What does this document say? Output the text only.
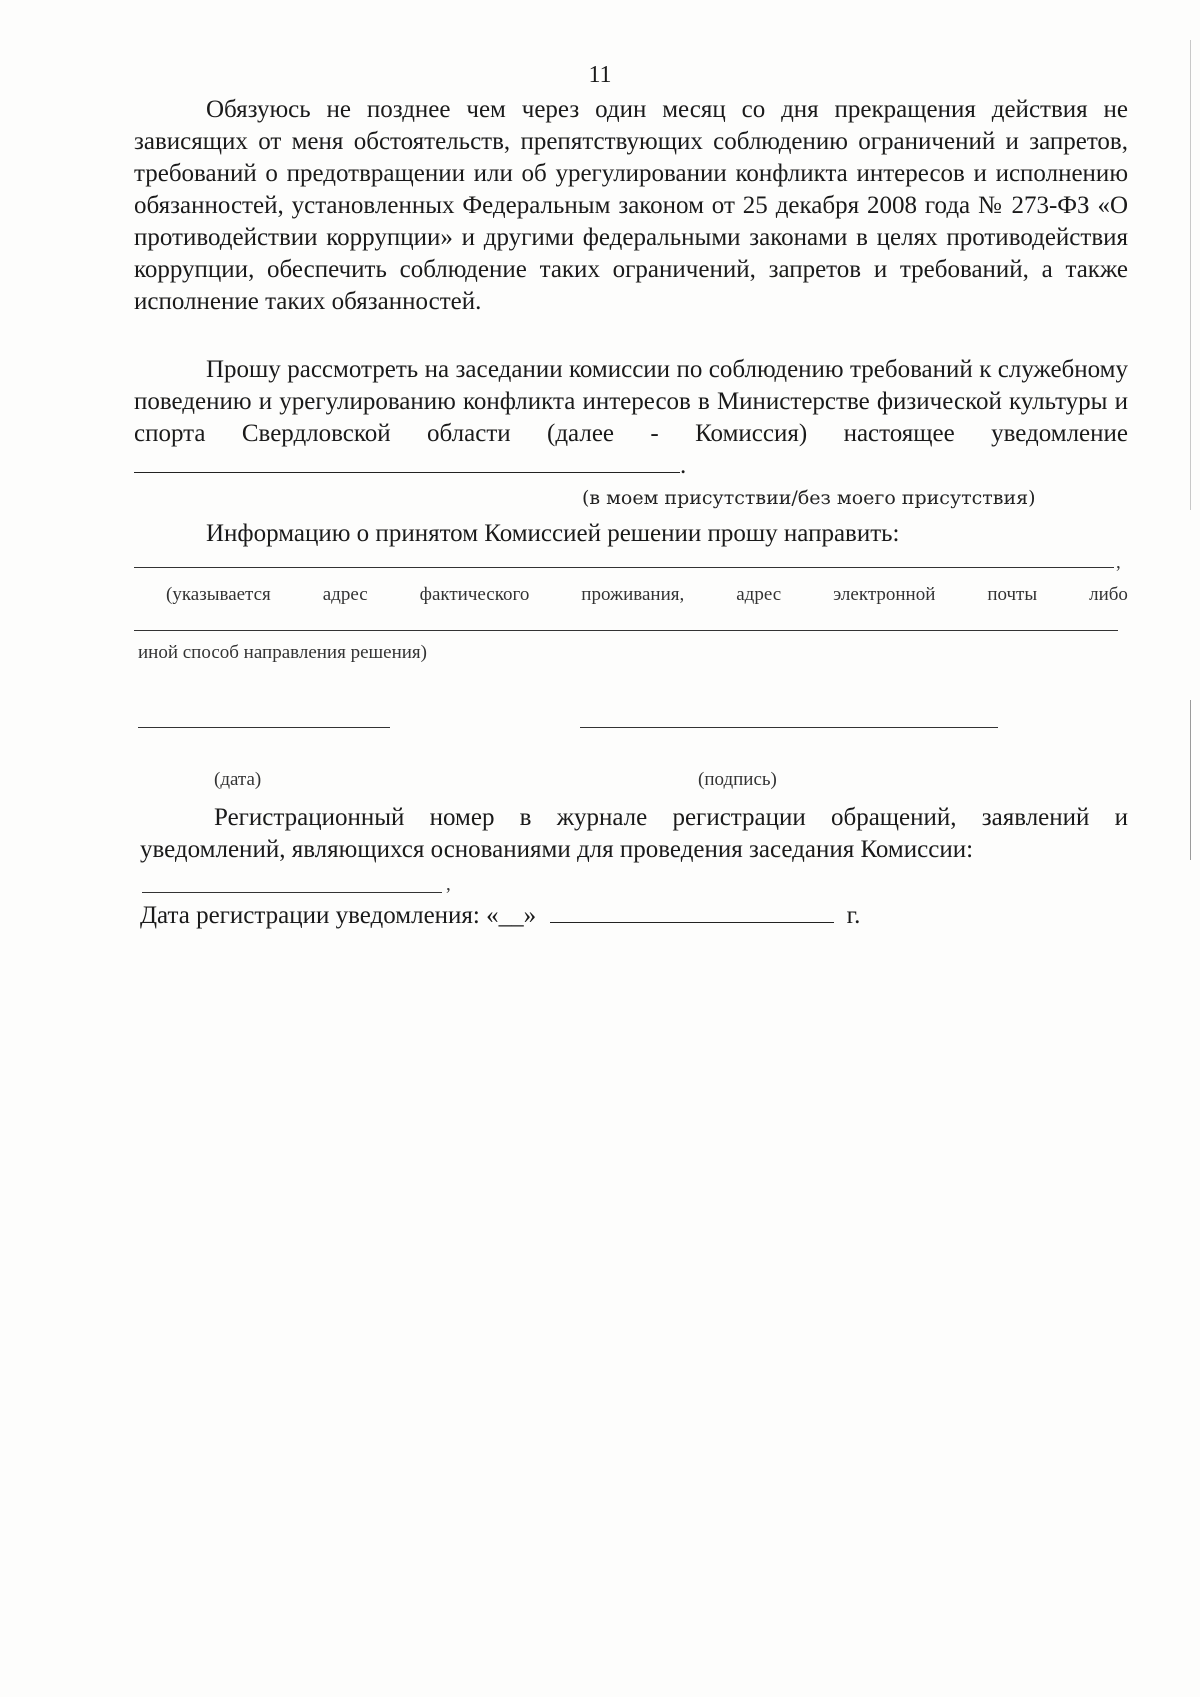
11

Обязуюсь не позднее чем через один месяц со дня прекращения действия не зависящих от меня обстоятельств, препятствующих соблюдению ограничений и запретов, требований о предотвращении или об урегулировании конфликта интересов и исполнению обязанностей, установленных Федеральным законом от 25 декабря 2008 года № 273-ФЗ «О противодействии коррупции» и другими федеральными законами в целях противодействия коррупции, обеспечить соблюдение таких ограничений, запретов и требований, а также исполнение таких обязанностей.

Прошу рассмотреть на заседании комиссии по соблюдению требований к служебному поведению и урегулированию конфликта интересов в Министерстве физической культуры и спорта Свердловской области (далее - Комиссия) настоящее уведомление .

(в моем присутствии/без моего присутствия)
Информацию о принятом Комиссией решении прошу направить:
,
(указывается	адрес	фактического	проживания,	адрес	электронной	почты	либо
иной способ направления решения)
(дата)	(подпись)

Регистрационный номер в журнале регистрации обращений, заявлений и уведомлений, являющихся основаниями для проведения заседания Комиссии:

,
Дата регистрации уведомления: «__»	г.
